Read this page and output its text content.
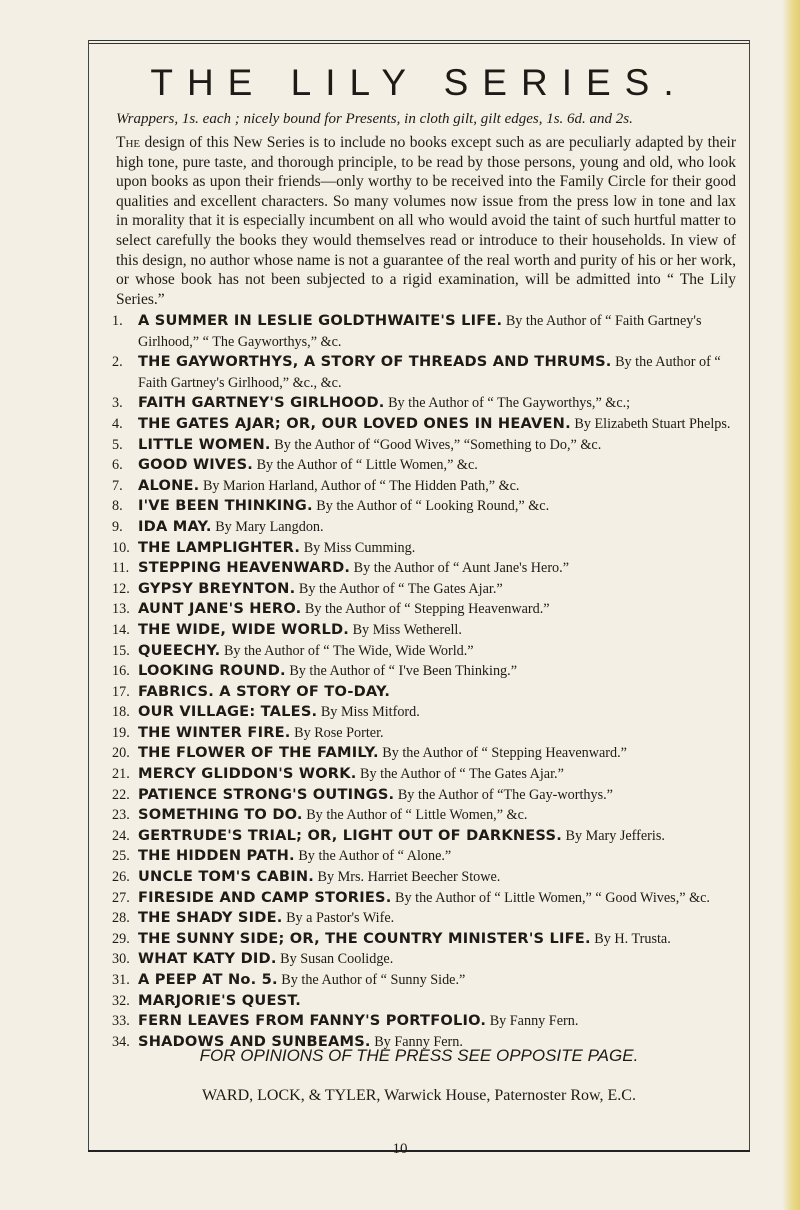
THE LILY SERIES.
Wrappers, 1s. each ; nicely bound for Presents, in cloth gilt, gilt edges, 1s. 6d. and 2s.

The design of this New Series is to include no books except such as are peculiarly adapted by their high tone, pure taste, and thorough principle, to be read by those persons, young and old, who look upon books as upon their friends—only worthy to be received into the Family Circle for their good qualities and excellent characters. So many volumes now issue from the press low in tone and lax in morality that it is especially incumbent on all who would avoid the taint of such hurtful matter to select carefully the books they would themselves read or introduce to their households. In view of this design, no author whose name is not a guarantee of the real worth and purity of his or her work, or whose book has not been subjected to a rigid examination, will be admitted into “ The Lily Series.”

1.	A SUMMER IN LESLIE GOLDTHWAITE'S LIFE. By the Author of “ Faith Gartney's Girlhood,” “ The Gayworthys,” &c.
2.	THE GAYWORTHYS, A STORY OF THREADS AND THRUMS. By the Author of “ Faith Gartney's Girlhood,” &c., &c.
3.	FAITH GARTNEY'S GIRLHOOD. By the Author of “ The Gayworthys,” &c.;
4.	THE GATES AJAR; OR, OUR LOVED ONES IN HEAVEN. By Elizabeth Stuart Phelps.
5.	LITTLE WOMEN. By the Author of “Good Wives,” “Something to Do,” &c.
6.	GOOD WIVES. By the Author of “ Little Women,” &c.
7.	ALONE. By Marion Harland, Author of “ The Hidden Path,” &c.
8.	I'VE BEEN THINKING. By the Author of “ Looking Round,” &c.
9.	IDA MAY. By Mary Langdon.
10. THE LAMPLIGHTER. By Miss Cumming.
11. STEPPING HEAVENWARD. By the Author of “ Aunt Jane's Hero.”
12. GYPSY BREYNTON. By the Author of “ The Gates Ajar.”
13. AUNT JANE'S HERO. By the Author of “ Stepping Heavenward.”
14. THE WIDE, WIDE WORLD. By Miss Wetherell.
15. QUEECHY. By the Author of “ The Wide, Wide World.”
16. LOOKING ROUND. By the Author of “ I've Been Thinking.”
17. FABRICS. A STORY OF TO-DAY.
18. OUR VILLAGE: TALES. By Miss Mitford.
19. THE WINTER FIRE. By Rose Porter.
20. THE FLOWER OF THE FAMILY. By the Author of “ Stepping Heavenward.”
21. MERCY GLIDDON'S WORK. By the Author of “ The Gates Ajar.”
22. PATIENCE STRONG'S OUTINGS. By the Author of “The Gay-worthys.”
23. SOMETHING TO DO. By the Author of “ Little Women,” &c.
24. GERTRUDE'S TRIAL; OR, LIGHT OUT OF DARKNESS. By Mary Jefferis.
25. THE HIDDEN PATH. By the Author of “ Alone.”
26. UNCLE TOM'S CABIN. By Mrs. Harriet Beecher Stowe.
27. FIRESIDE AND CAMP STORIES. By the Author of “ Little Women,” “ Good Wives,” &c.
28. THE SHADY SIDE. By a Pastor's Wife.
29. THE SUNNY SIDE; OR, THE COUNTRY MINISTER'S LIFE. By H. Trusta.
30. WHAT KATY DID. By Susan Coolidge.
31. A PEEP AT No. 5. By the Author of “ Sunny Side.”
32. MARJORIE'S QUEST.
33. FERN LEAVES FROM FANNY'S PORTFOLIO. By Fanny Fern.
34. SHADOWS AND SUNBEAMS. By Fanny Fern.
FOR OPINIONS OF THE PRESS SEE OPPOSITE PAGE.
WARD, LOCK, & TYLER, Warwick House, Paternoster Row, E.C.
10
